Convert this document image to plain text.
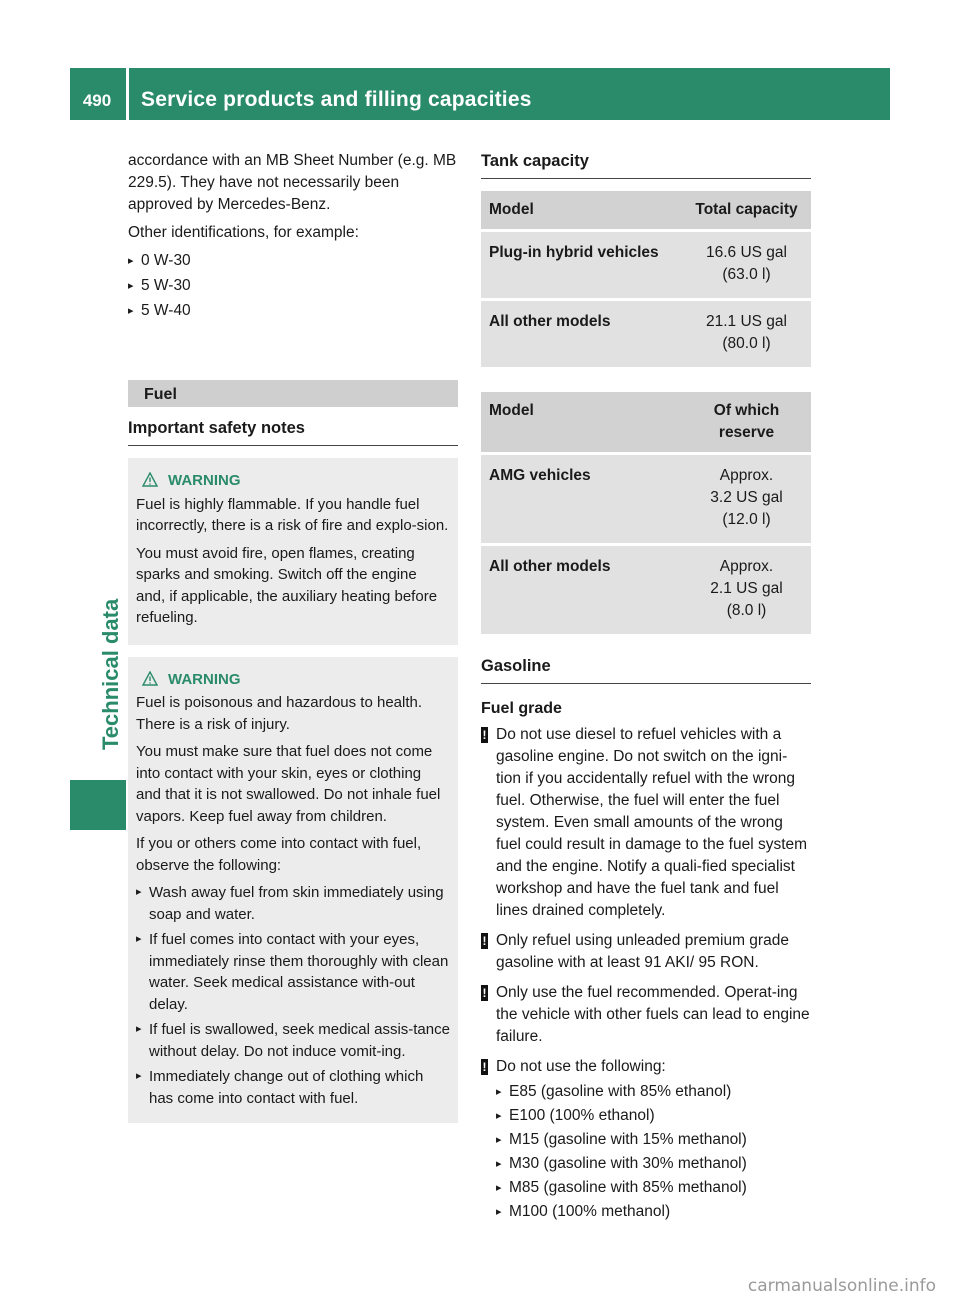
490	Service products and filling capacities
Technical data

accordance with an MB Sheet Number (e.g. MB 229.5). They have not necessarily been approved by Mercedes-Benz.

Other identifications, for example:

▸ 0 W-30
▸ 5 W-30
▸ 5 W-40
Fuel
Important safety notes
WARNING

Fuel is highly flammable. If you handle fuel incorrectly, there is a risk of fire and explo-sion.

You must avoid fire, open flames, creating sparks and smoking. Switch off the engine and, if applicable, the auxiliary heating before refueling.

WARNING

Fuel is poisonous and hazardous to health. There is a risk of injury.

You must make sure that fuel does not come into contact with your skin, eyes or clothing and that it is not swallowed. Do not inhale fuel vapors. Keep fuel away from children.

If you or others come into contact with fuel, observe the following:

▸ Wash away fuel from skin immediately using soap and water.
▸ If fuel comes into contact with your eyes, immediately rinse them thoroughly with clean water. Seek medical assistance with-out delay.
▸ If fuel is swallowed, seek medical assis-tance without delay. Do not induce vomit-ing.
▸ Immediately change out of clothing which has come into contact with fuel.
Tank capacity
Model	Total capacity
Plug-in hybrid vehicles	16.6 US gal
(63.0 l)

All other models	21.1 US gal
(80.0 l)
Model	Of which
reserve

AMG vehicles	Approx.
3.2 US gal
(12.0 l)

All other models	Approx.
2.1 US gal
(8.0 l)
Gasoline
Fuel grade
! Do not use diesel to refuel vehicles with a gasoline engine. Do not switch on the igni-tion if you accidentally refuel with the wrong fuel. Otherwise, the fuel will enter the fuel system. Even small amounts of the wrong fuel could result in damage to the fuel system and the engine. Notify a quali-fied specialist workshop and have the fuel tank and fuel lines drained completely.
! Only refuel using unleaded premium grade gasoline with at least 91 AKI/ 95 RON.
! Only use the fuel recommended. Operat-ing the vehicle with other fuels can lead to engine failure.
! Do not use the following:
▸ E85 (gasoline with 85% ethanol)
▸ E100 (100% ethanol)
▸ M15 (gasoline with 15% methanol)
▸ M30 (gasoline with 30% methanol)
▸ M85 (gasoline with 85% methanol)
▸ M100 (100% methanol)
carmanualsonline.info
